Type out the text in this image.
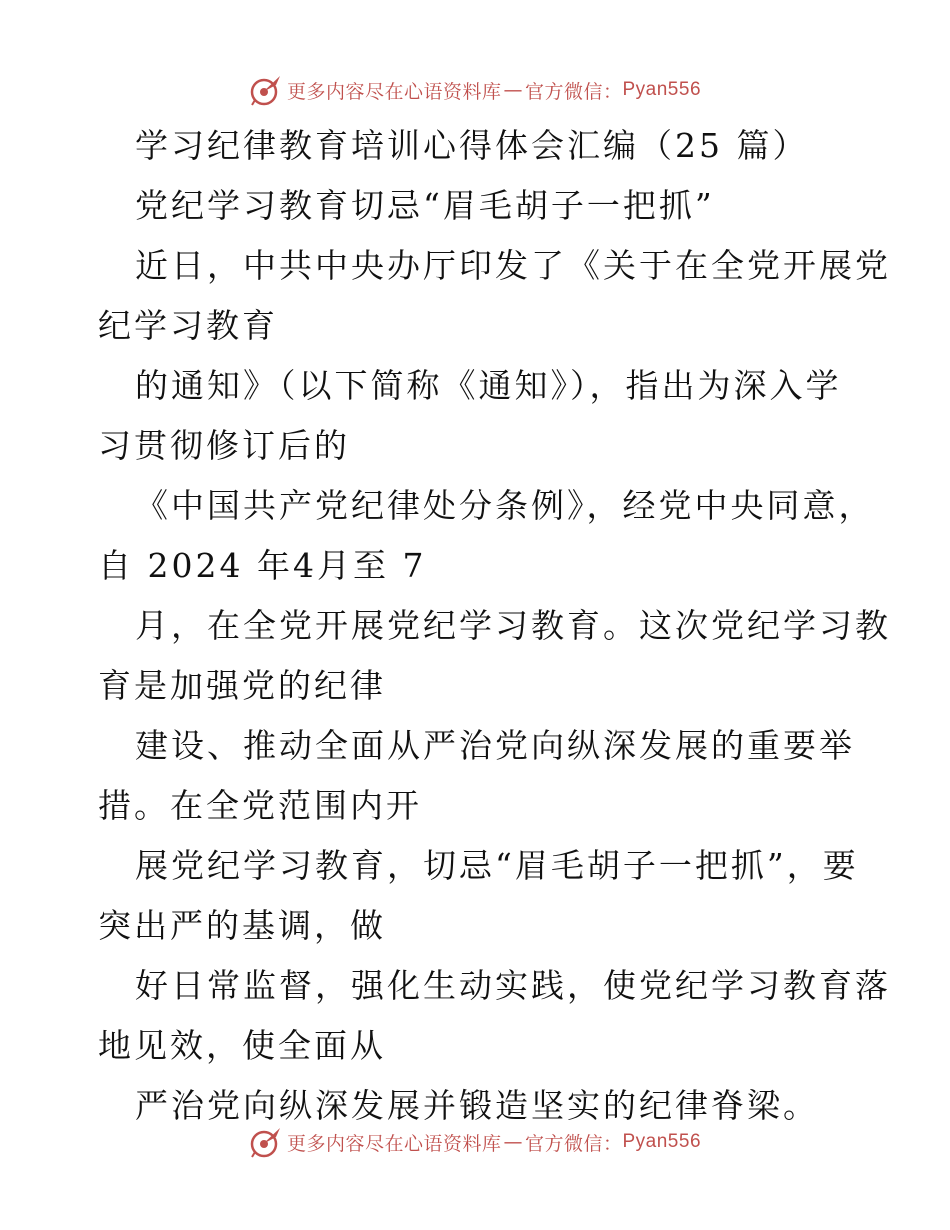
更多内容尽在心语资料库 — 官方微信： Pyan556
学习纪律教育培训心得体会汇编（25 篇）
党纪学习教育切忌“眉毛胡子一把抓”
近日，中共中央办厅印发了《关于在全党开展党
纪学习教育
的通知》（以下简称《通知》），指出为深入学
习贯彻修订后的
《中国共产党纪律处分条例》，经党中央同意，
自 2024 年4月至 7
月，在全党开展党纪学习教育。这次党纪学习教
育是加强党的纪律
建设、推动全面从严治党向纵深发展的重要举
措。在全党范围内开
展党纪学习教育，切忌“眉毛胡子一把抓”，要
突出严的基调，做
好日常监督，强化生动实践，使党纪学习教育落
地见效，使全面从
严治党向纵深发展并锻造坚实的纪律脊梁。
更多内容尽在心语资料库 — 官方微信： Pyan556
